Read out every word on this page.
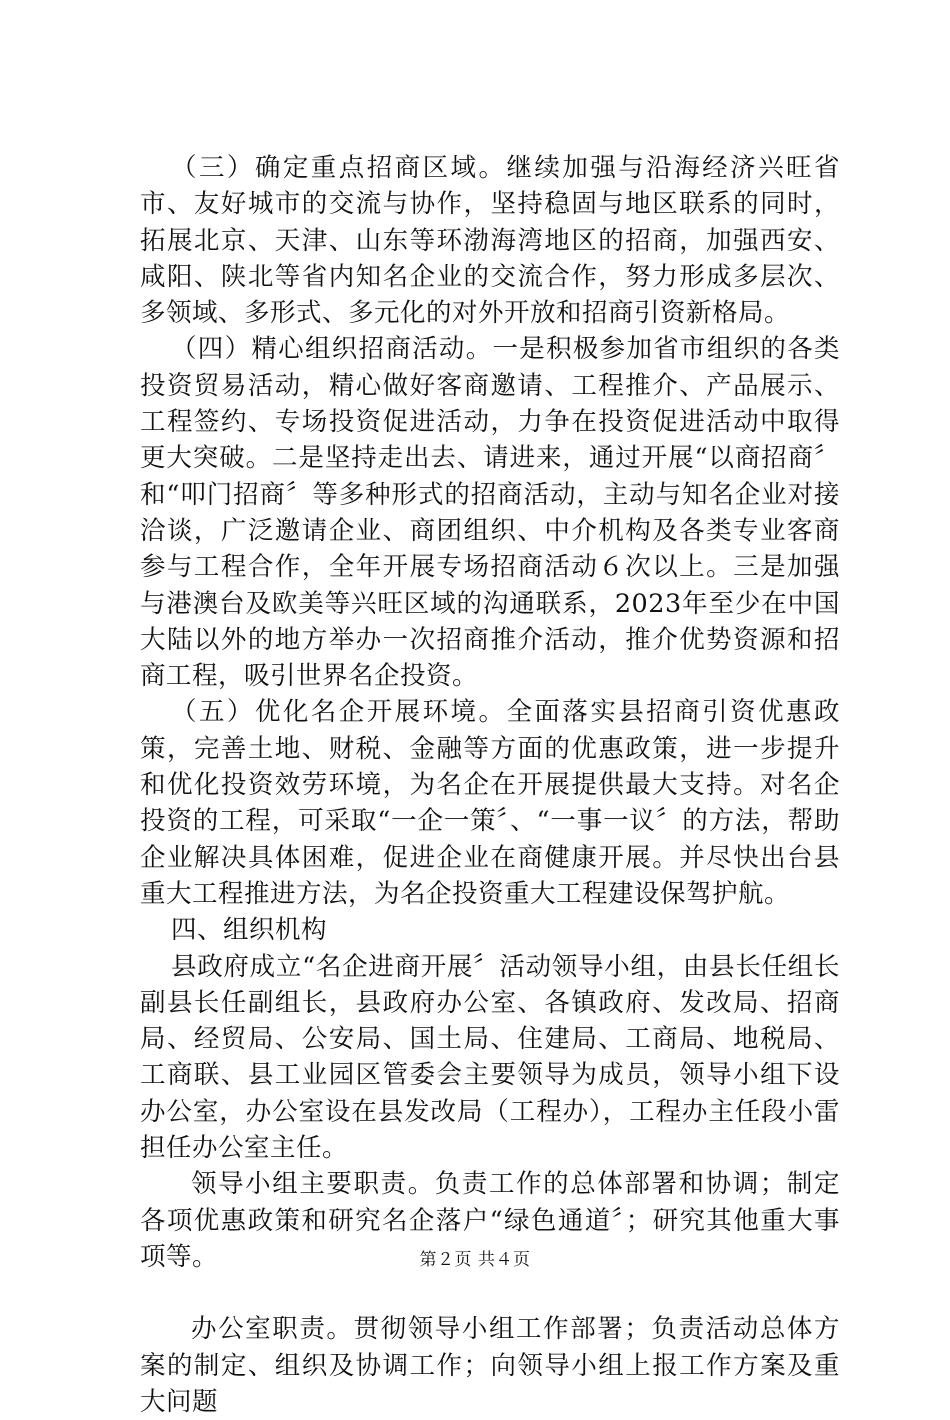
（三）确定重点招商区域。继续加强与沿海经济兴旺省市、友好城市的交流与协作，坚持稳固与地区联系的同时，拓展北京、天津、山东等环渤海湾地区的招商，加强西安、咸阳、陕北等省内知名企业的交流合作，努力形成多层次、多领域、多形式、多元化的对外开放和招商引资新格局。

（四）精心组织招商活动。一是积极参加省市组织的各类投资贸易活动，精心做好客商邀请、工程推介、产品展示、工程签约、专场投资促进活动，力争在投资促进活动中取得更大突破。二是坚持走出去、请进来，通过开展“以商招商〞和“叩门招商〞等多种形式的招商活动，主动与知名企业对接洽谈，广泛邀请企业、商团组织、中介机构及各类专业客商参与工程合作，全年开展专场招商活动６次以上。三是加强与港澳台及欧美等兴旺区域的沟通联系，2023年至少在中国大陆以外的地方举办一次招商推介活动，推介优势资源和招商工程，吸引世界名企投资。

（五）优化名企开展环境。全面落实县招商引资优惠政策，完善土地、财税、金融等方面的优惠政策，进一步提升和优化投资效劳环境，为名企在开展提供最大支持。对名企投资的工程，可采取“一企一策〞、“一事一议〞的方法，帮助企业解决具体困难，促进企业在商健康开展。并尽快出台县重大工程推进方法，为名企投资重大工程建设保驾护航。

四、组织机构

县政府成立“名企进商开展〞活动领导小组，由县长任组长副县长任副组长，县政府办公室、各镇政府、发改局、招商局、经贸局、公安局、国土局、住建局、工商局、地税局、工商联、县工业园区管委会主要领导为成员，领导小组下设办公室，办公室设在县发改局（工程办），工程办主任段小雷担任办公室主任。

领导小组主要职责。负责工作的总体部署和协调；制定各项优惠政策和研究名企落户“绿色通道〞；研究其他重大事项等。

办公室职责。贯彻领导小组工作部署；负责活动总体方案的制定、组织及协调工作；向领导小组上报工作方案及重大问题

第２页 共４页
